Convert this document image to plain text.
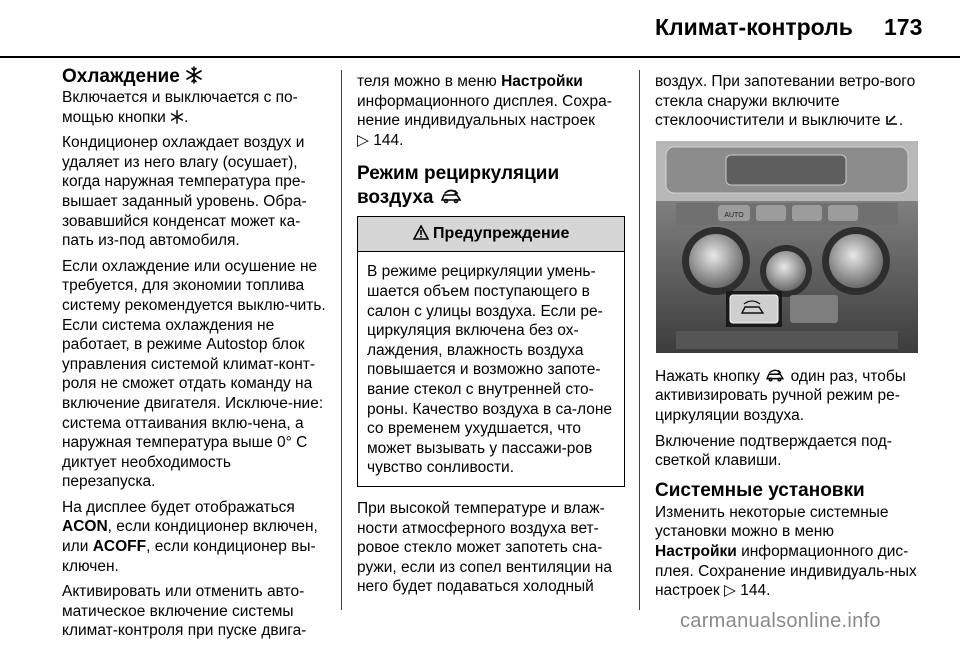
Климат-контроль 173
Охлаждение

Включается и выключается с по-мощью кнопки .

Кондиционер охлаждает воздух и удаляет из него влагу (осушает), когда наружная температура пре-вышает заданный уровень. Обра-зовавшийся конденсат может ка-пать из-под автомобиля.

Если охлаждение или осушение не требуется, для экономии топлива систему рекомендуется выклю-чить. Если система охлаждения не работает, в режиме Autostop блок управления системой климат-конт-роля не сможет отдать команду на включение двигателя. Исключе-ние: система оттаивания вклю-чена, а наружная температура выше 0° С диктует необходимость перезапуска.

На дисплее будет отображаться ACON, если кондиционер включен, или ACOFF, если кондиционер вы-ключен.

Активировать или отменить авто-матическое включение системы климат-контроля при пуске двига-

теля можно в меню Настройки информационного дисплея. Сохра-нение индивидуальных настроек
▷ 144.

Режим рециркуляции
воздуха
Предупреждение
В режиме рециркуляции умень-шается объем поступающего в салон с улицы воздуха. Если ре-циркуляция включена без ох-лаждения, влажность воздуха повышается и возможно запоте-вание стекол с внутренней сто-роны. Качество воздуха в са-лоне со временем ухудшается, что может вызывать у пассажи-ров чувство сонливости.

При высокой температуре и влаж-ности атмосферного воздуха вет-ровое стекло может запотеть сна-ружи, если из сопел вентиляции на него будет подаваться холодный

воздух. При запотевании ветро-вого стекла снаружи включите стеклоочистители и выключите .

AUTO

Нажать кнопку один раз, чтобы активизировать ручной режим ре-циркуляции воздуха.

Включение подтверждается под-светкой клавиши.

Системные установки

Изменить некоторые системные установки можно в меню
Настройки информационного дис-плея. Сохранение индивидуаль-ных настроек ▷ 144.

carmanualsonline.info
